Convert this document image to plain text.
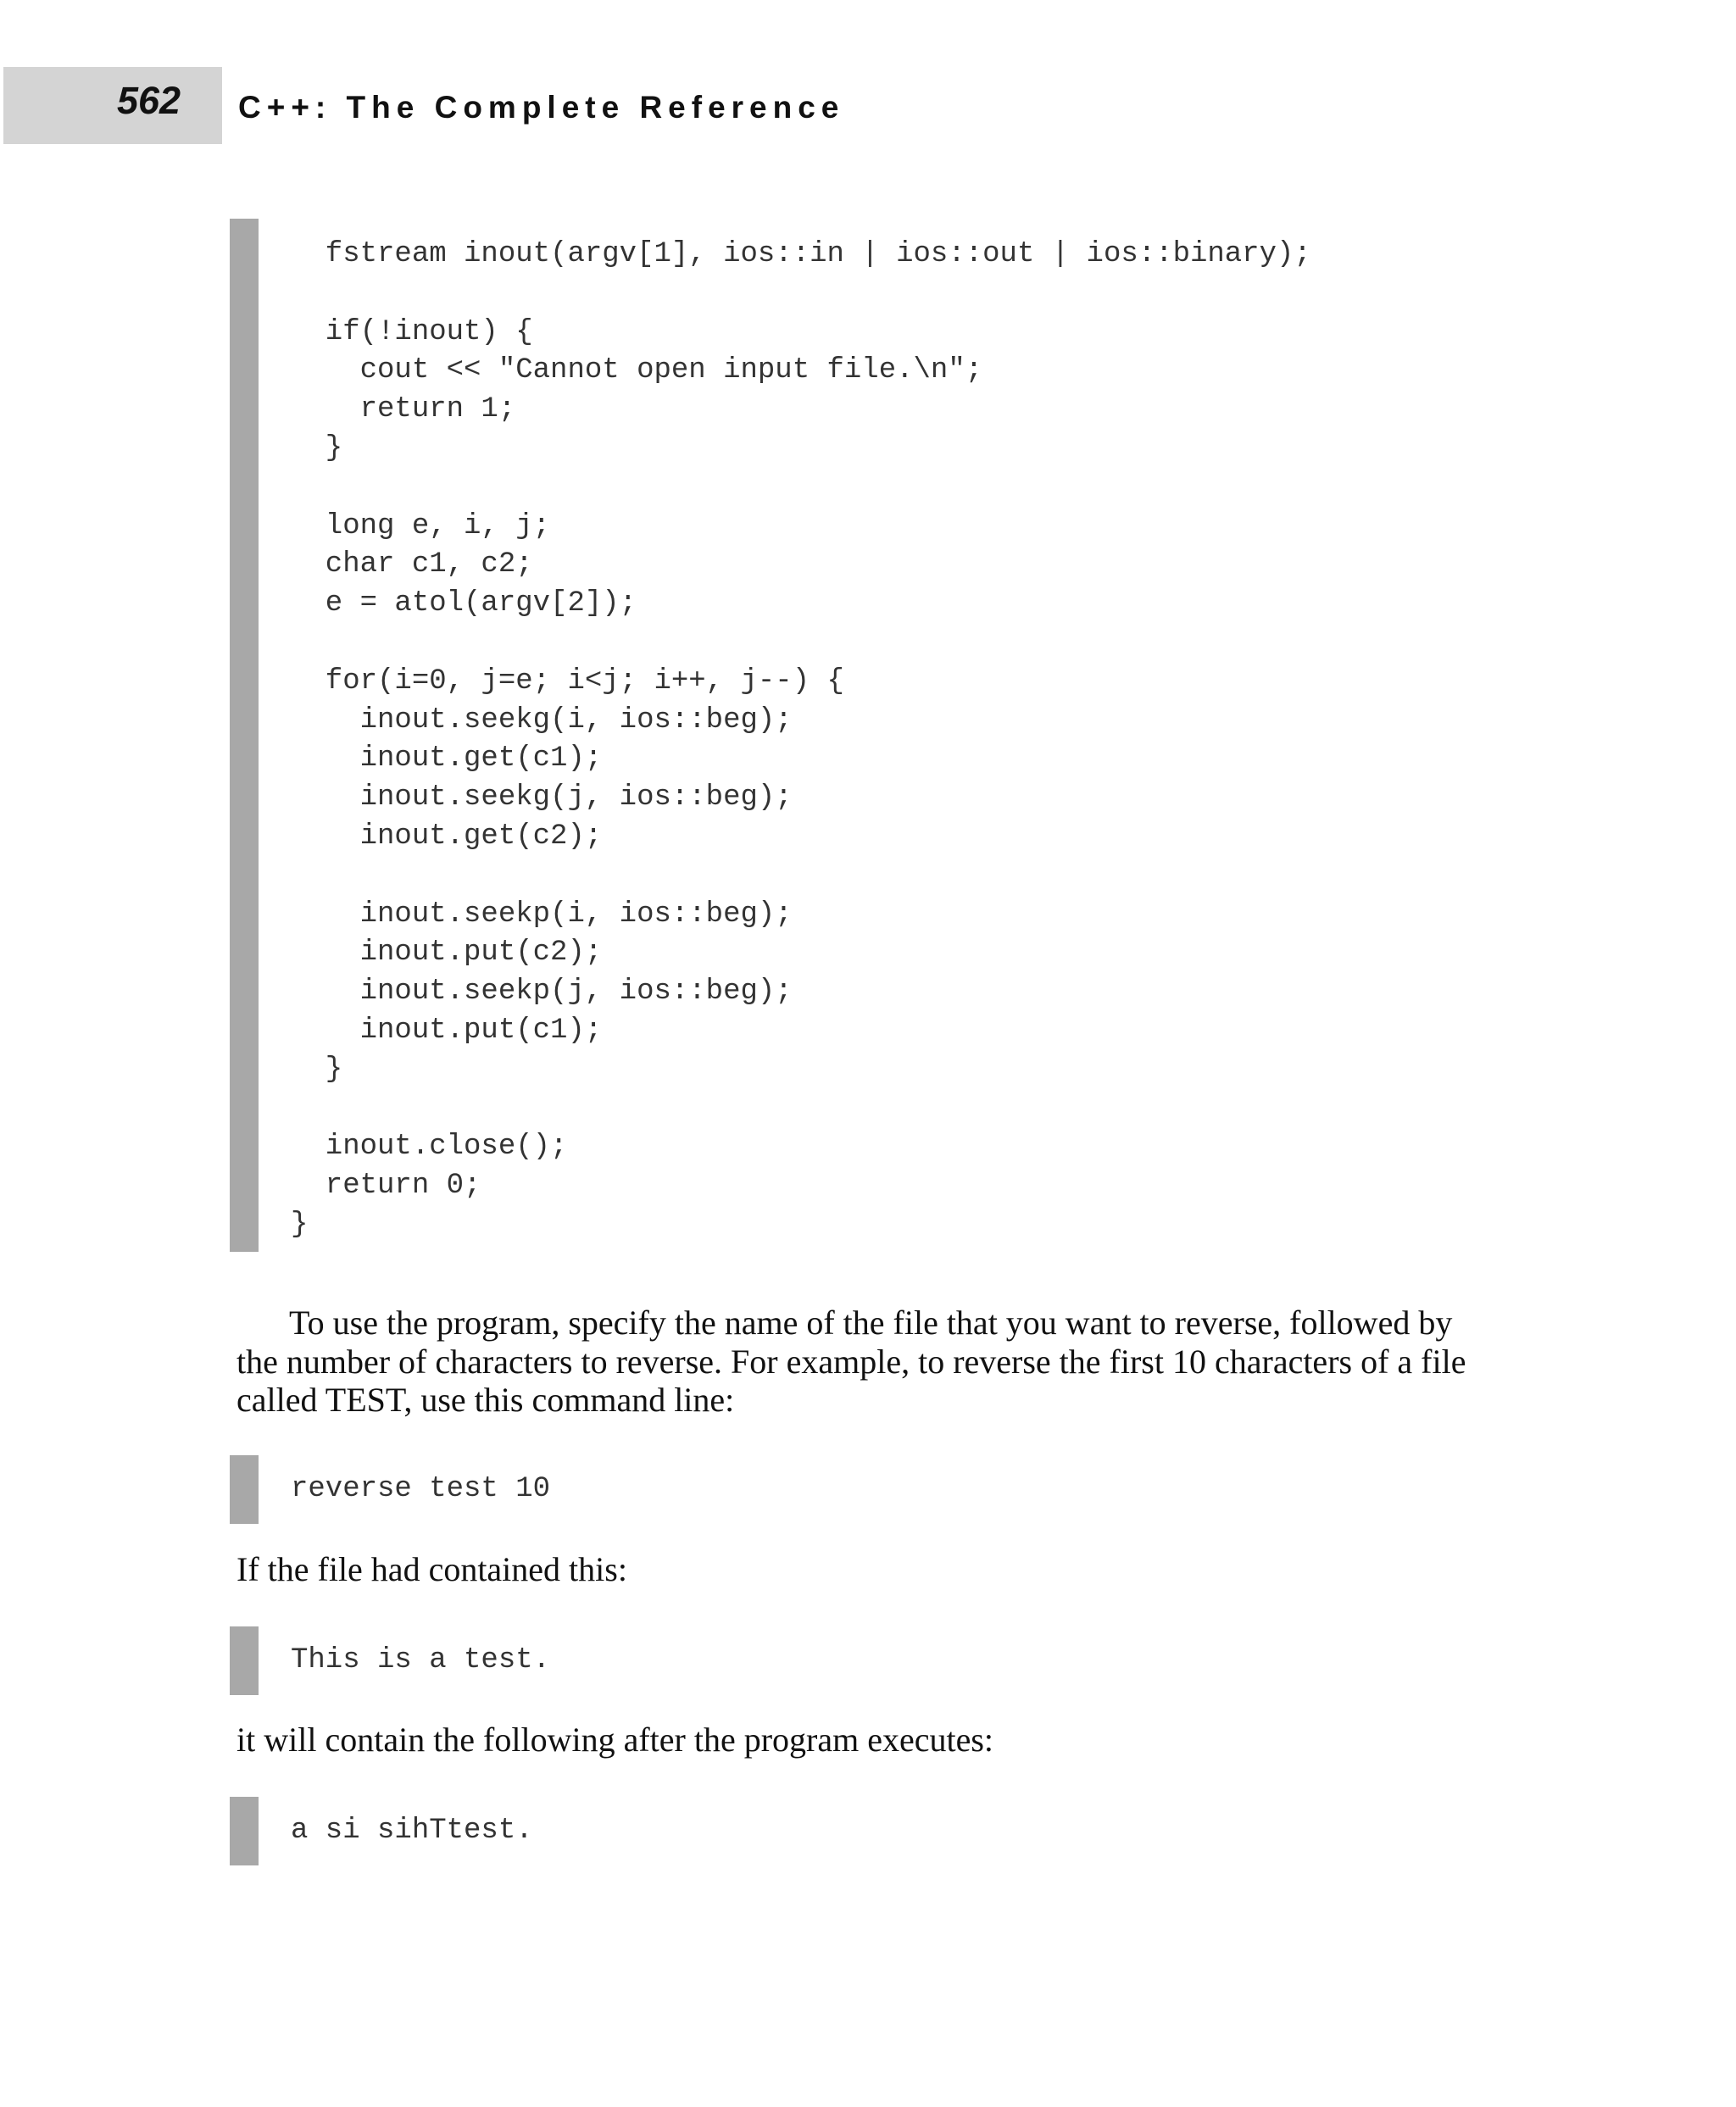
562 C++: The Complete Reference
fstream inout(argv[1], ios::in | ios::out | ios::binary);

if(!inout) {
cout << "Cannot open input file.\n";
return 1;
}

long e, i, j;
char c1, c2;
e = atol(argv[2]);

for(i=0, j=e; i<j; i++, j--) {
inout.seekg(i, ios::beg);
inout.get(c1);
inout.seekg(j, ios::beg);
inout.get(c2);

inout.seekp(i, ios::beg);
inout.put(c2);
inout.seekp(j, ios::beg);
inout.put(c1);
}

inout.close();
return 0;
}

To use the program, specify the name of the file that you want to reverse, followed by the number of characters to reverse. For example, to reverse the first 10 characters of a file called TEST, use this command line:

reverse test 10

If the file had contained this:

This is a test.

it will contain the following after the program executes:

a si sihTtest.
